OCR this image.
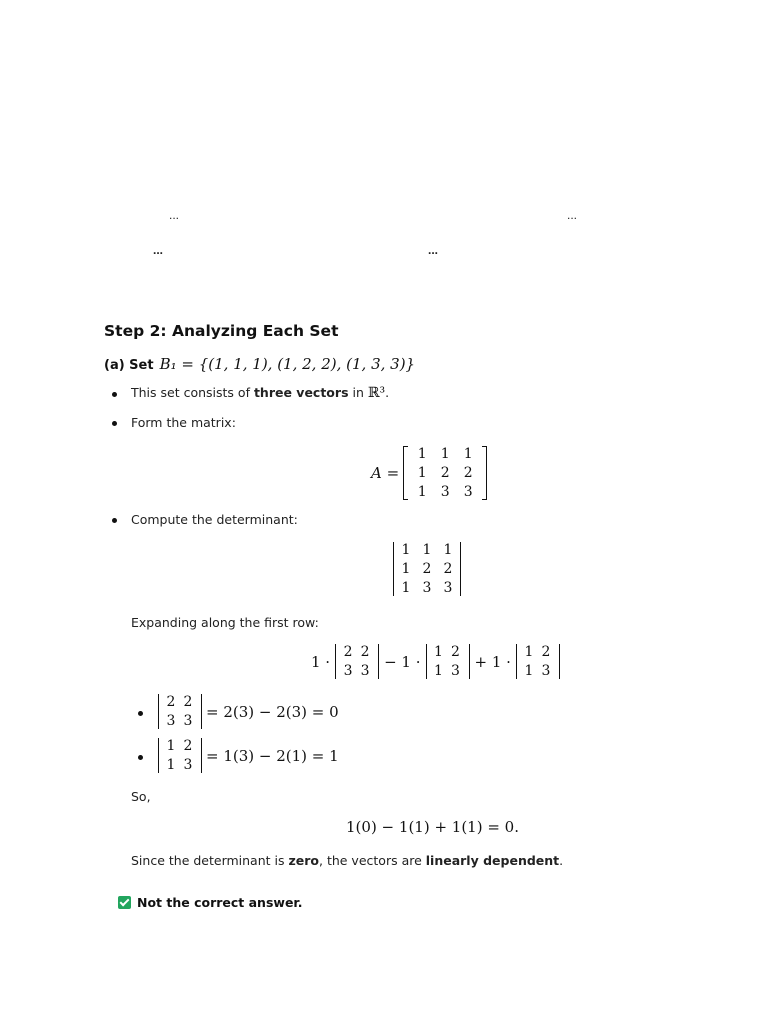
...	...
...	...
Step 2: Analyzing Each Set
(a) Set B₁ = {(1, 1, 1), (1, 2, 2), (1, 3, 3)}
This set consists of three vectors in ℝ³.
Form the matrix:
A =
1	1	1
1	2	2
1	3	3
Compute the determinant:
1 1 1
1 2 2
1 3 3
Expanding along the first row:
1 ·
2 2
3 3
− 1 ·
1 2
1 3
+ 1 ·
1 2
1 3
2 2
3 3
= 2(3) − 2(3) = 0
1 2
1 3
= 1(3) − 2(1) = 1
So,
1(0) − 1(1) + 1(1) = 0.
Since the determinant is zero, the vectors are linearly dependent.
Not the correct answer.
